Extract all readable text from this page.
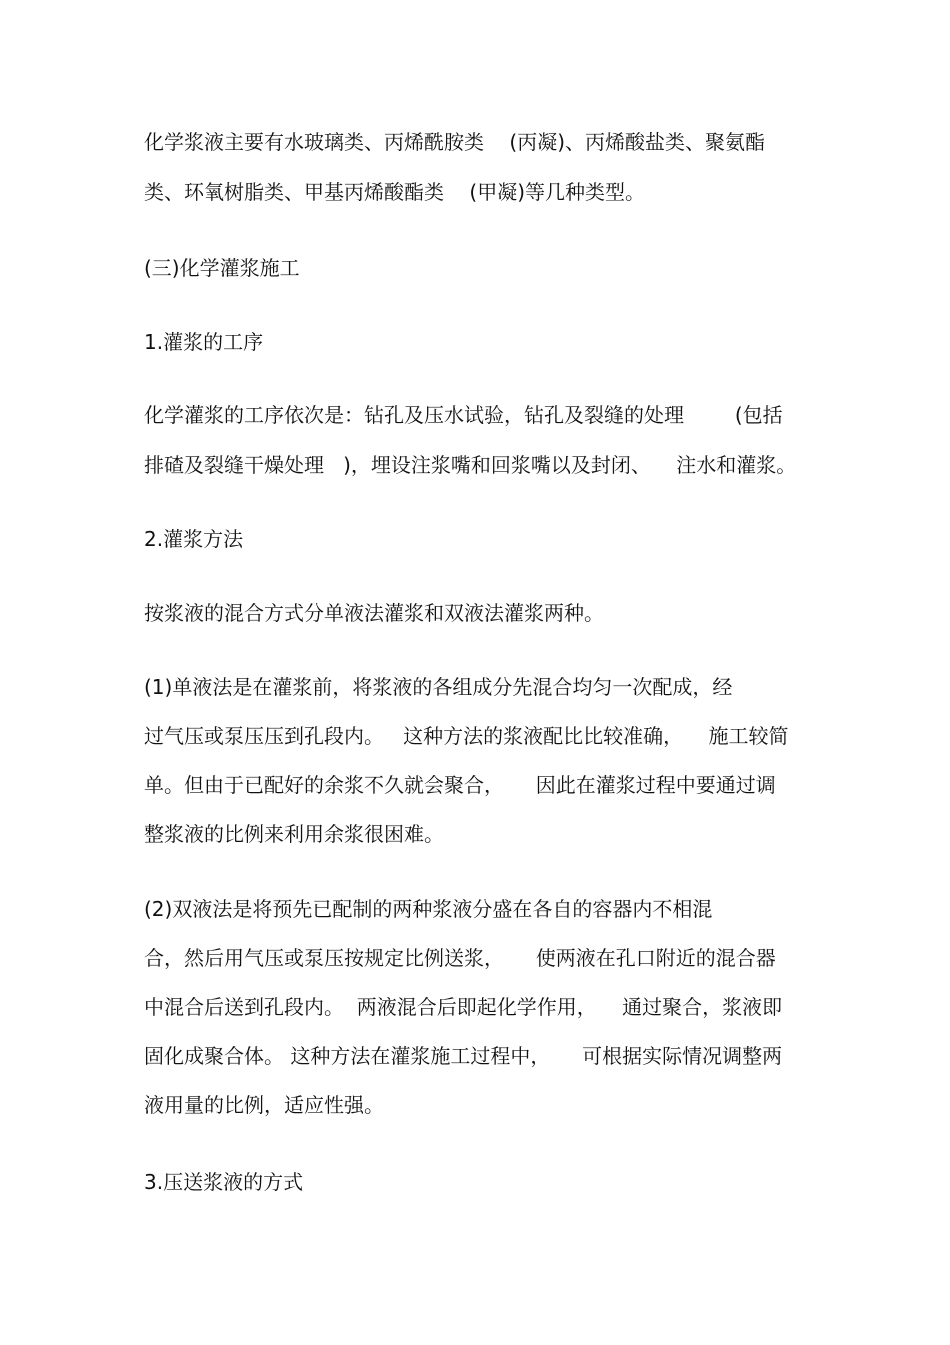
化学浆液主要有水玻璃类、丙烯酰胺类    (丙凝)、丙烯酸盐类、聚氨酯

类、环氧树脂类、甲基丙烯酸酯类    (甲凝)等几种类型。

(三)化学灌浆施工

1.灌浆的工序

化学灌浆的工序依次是：钻孔及压水试验，钻孔及裂缝的处理        (包括

排碴及裂缝干燥处理   )，埋设注浆嘴和回浆嘴以及封闭、    注水和灌浆。

2.灌浆方法

按浆液的混合方式分单液法灌浆和双液法灌浆两种。

(1)单液法是在灌浆前，将浆液的各组成分先混合均匀一次配成，经

过气压或泵压压到孔段内。   这种方法的浆液配比比较准确，    施工较简

单。但由于已配好的余浆不久就会聚合，     因此在灌浆过程中要通过调

整浆液的比例来利用余浆很困难。

(2)双液法是将预先已配制的两种浆液分盛在各自的容器内不相混

合，然后用气压或泵压按规定比例送浆，     使两液在孔口附近的混合器

中混合后送到孔段内。  两液混合后即起化学作用，    通过聚合，浆液即

固化成聚合体。 这种方法在灌浆施工过程中，     可根据实际情况调整两

液用量的比例，适应性强。

3.压送浆液的方式
